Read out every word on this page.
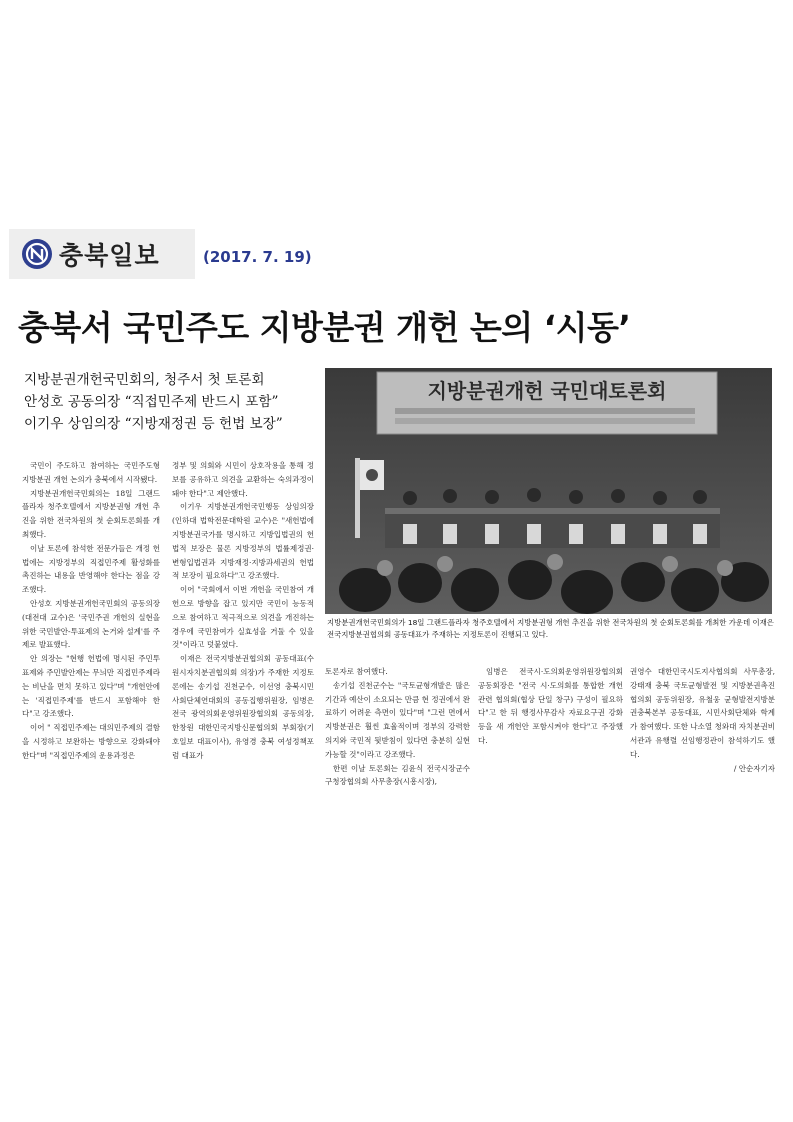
충북일보	(2017. 7. 19)
충북서 국민주도 지방분권 개헌 논의 ‘시동’
지방분권개헌국민회의, 청주서 첫 토론회
안성호 공동의장 “직접민주제 반드시 포함”
이기우 상임의장 “지방재정권 등 헌법 보장”
지방분권개헌 국민대토론회
지방분권개헌국민회의가 18일 그랜드플라자 청주호텔에서 지방분권형 개헌 추진을 위한 전국차원의 첫 순회토론회를 개최한 가운데 이재은 전국지방분권협의회 공동대표가 주재하는 지정토론이 진행되고 있다.

국민이 주도하고 참여하는 국민주도형 지방분권 개헌 논의가 충북에서 시작됐다.

지방분권개헌국민회의는 18일 그랜드플라자 청주호텔에서 지방분권형 개헌 추진을 위한 전국차원의 첫 순회토론회를 개최했다.

이날 토론에 참석한 전문가들은 개정 헌법에는 지방정부의 직접민주제 활성화를 촉진하는 내용을 반영해야 한다는 점을 강조했다.

안성호 지방분권개헌국민회의 공동의장(대전대 교수)은 '국민주권 개헌의 실현을 위한 국민발안-투표제의 논거와 설계'를 주제로 발표했다.

안 의장는 "현행 헌법에 명시된 주민투표제와 주민발안제는 무늬만 직접민주제라는 비난을 면치 못하고 있다"며 "개헌안에는 '직접민주제'를 반드시 포함해야 한다"고 강조했다.

이어 " 직접민주제는 대의민주제의 결함을 시정하고 보완하는 방향으로 강화돼야 한다"며 "직접민주제의 운용과정은

정부 및 의회와 시민이 상호작용을 통해 정보를 공유하고 의견을 교환하는 숙의과정이 돼야 한다"고 제안했다.

이기우 지방분권개헌국민행동 상임의장(인하대 법학전문대학원 교수)은 "새헌법에 지방분권국가를 명시하고 지방입법권의 헌법적 보장은 물론 지방정부의 법률제정권·변형입법권과 지방재정·지방과세권의 헌법적 보장이 필요하다"고 강조했다.

이어 "국회에서 이번 개헌을 국민참여 개헌으로 방향을 잡고 있지만 국민이 능동적으로 참여하고 적극적으로 의견을 개진하는 경우에 국민참여가 실효성을 거둘 수 있을 것"이라고 덧붙였다.

이재은 전국지방분권협의회 공동대표(수원시자치분권협의회 의장)가 주재한 지정토론에는 송기섭 진천군수, 이선영 충북시민사회단체연대회의 공동집행위원장, 임병은 전국 광역의회운영위원장협의회 공동의장, 한창원 대한민국지방신문협의회 부회장(기호일보 대표이사), 유영경 충북 여성정책포럼 대표가

토론자로 참여했다.

송기섭 진천군수는 "국토균형개발은 많은 기간과 예산이 소요되는 만큼 현 정권에서 완료하기 어려운 측면이 있다"며 "그런 면에서 지방분권은 훨씬 효율적이며 정부의 강력한 의지와 국민적 뒷받침이 있다면 충분히 실현 가능할 것"이라고 강조했다.

한편 이날 토론회는 김윤식 전국시장군수구청장협의회 사무총장(시흥시장),

임병은 전국시·도의회운영위원장협의회 공동회장은 "전국 시·도의회를 통합한 개헌관련 협의회(협상 단일 창구) 구성이 필요하다"고 한 뒤 행정사무감사 자료요구권 강화 등을 새 개헌안 포함시켜야 한다"고 주장했다.

권영수 대한민국시도지사협의회 사무총장, 강태재 충북 국토균형발전 및 지방분권촉진협의회 공동위원장, 유철웅 균형발전지방분권충북본부 공동대표, 시민사회단체와 학계가 참여했다. 또한 나소열 청와대 자치분권비서관과 유행렬 선임행정관이 참석하기도 했다.

/ 안순자기자
